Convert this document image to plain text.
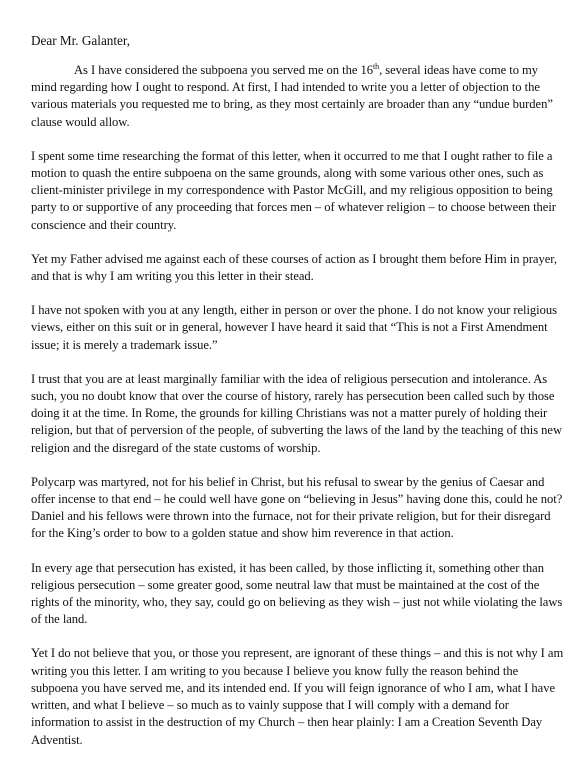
Dear Mr. Galanter,

As I have considered the subpoena you served me on the 16th, several ideas have come to my mind regarding how I ought to respond. At first, I had intended to write you a letter of objection to the various materials you requested me to bring, as they most certainly are broader than any “undue burden” clause would allow.

I spent some time researching the format of this letter, when it occurred to me that I ought rather to file a motion to quash the entire subpoena on the same grounds, along with some various other ones, such as client-minister privilege in my correspondence with Pastor McGill, and my religious opposition to being party to or supportive of any proceeding that forces men – of whatever religion – to choose between their conscience and their country.

Yet my Father advised me against each of these courses of action as I brought them before Him in prayer, and that is why I am writing you this letter in their stead.

I have not spoken with you at any length, either in person or over the phone. I do not know your religious views, either on this suit or in general, however I have heard it said that “This is not a First Amendment issue; it is merely a trademark issue.”

I trust that you are at least marginally familiar with the idea of religious persecution and intolerance. As such, you no doubt know that over the course of history, rarely has persecution been called such by those doing it at the time. In Rome, the grounds for killing Christians was not a matter purely of holding their religion, but that of perversion of the people, of subverting the laws of the land by the teaching of this new religion and the disregard of the state customs of worship.

Polycarp was martyred, not for his belief in Christ, but his refusal to swear by the genius of Caesar and offer incense to that end – he could well have gone on “believing in Jesus” having done this, could he not? Daniel and his fellows were thrown into the furnace, not for their private religion, but for their disregard for the King’s order to bow to a golden statue and show him reverence in that action.

In every age that persecution has existed, it has been called, by those inflicting it, something other than religious persecution – some greater good, some neutral law that must be maintained at the cost of the rights of the minority, who, they say, could go on believing as they wish – just not while violating the laws of the land.

Yet I do not believe that you, or those you represent, are ignorant of these things – and this is not why I am writing you this letter. I am writing to you because I believe you know fully the reason behind the subpoena you have served me, and its intended end. If you will feign ignorance of who I am, what I have written, and what I believe – so much as to vainly suppose that I will comply with a demand for information to assist in the destruction of my Church – then hear plainly: I am a Creation Seventh Day Adventist.
